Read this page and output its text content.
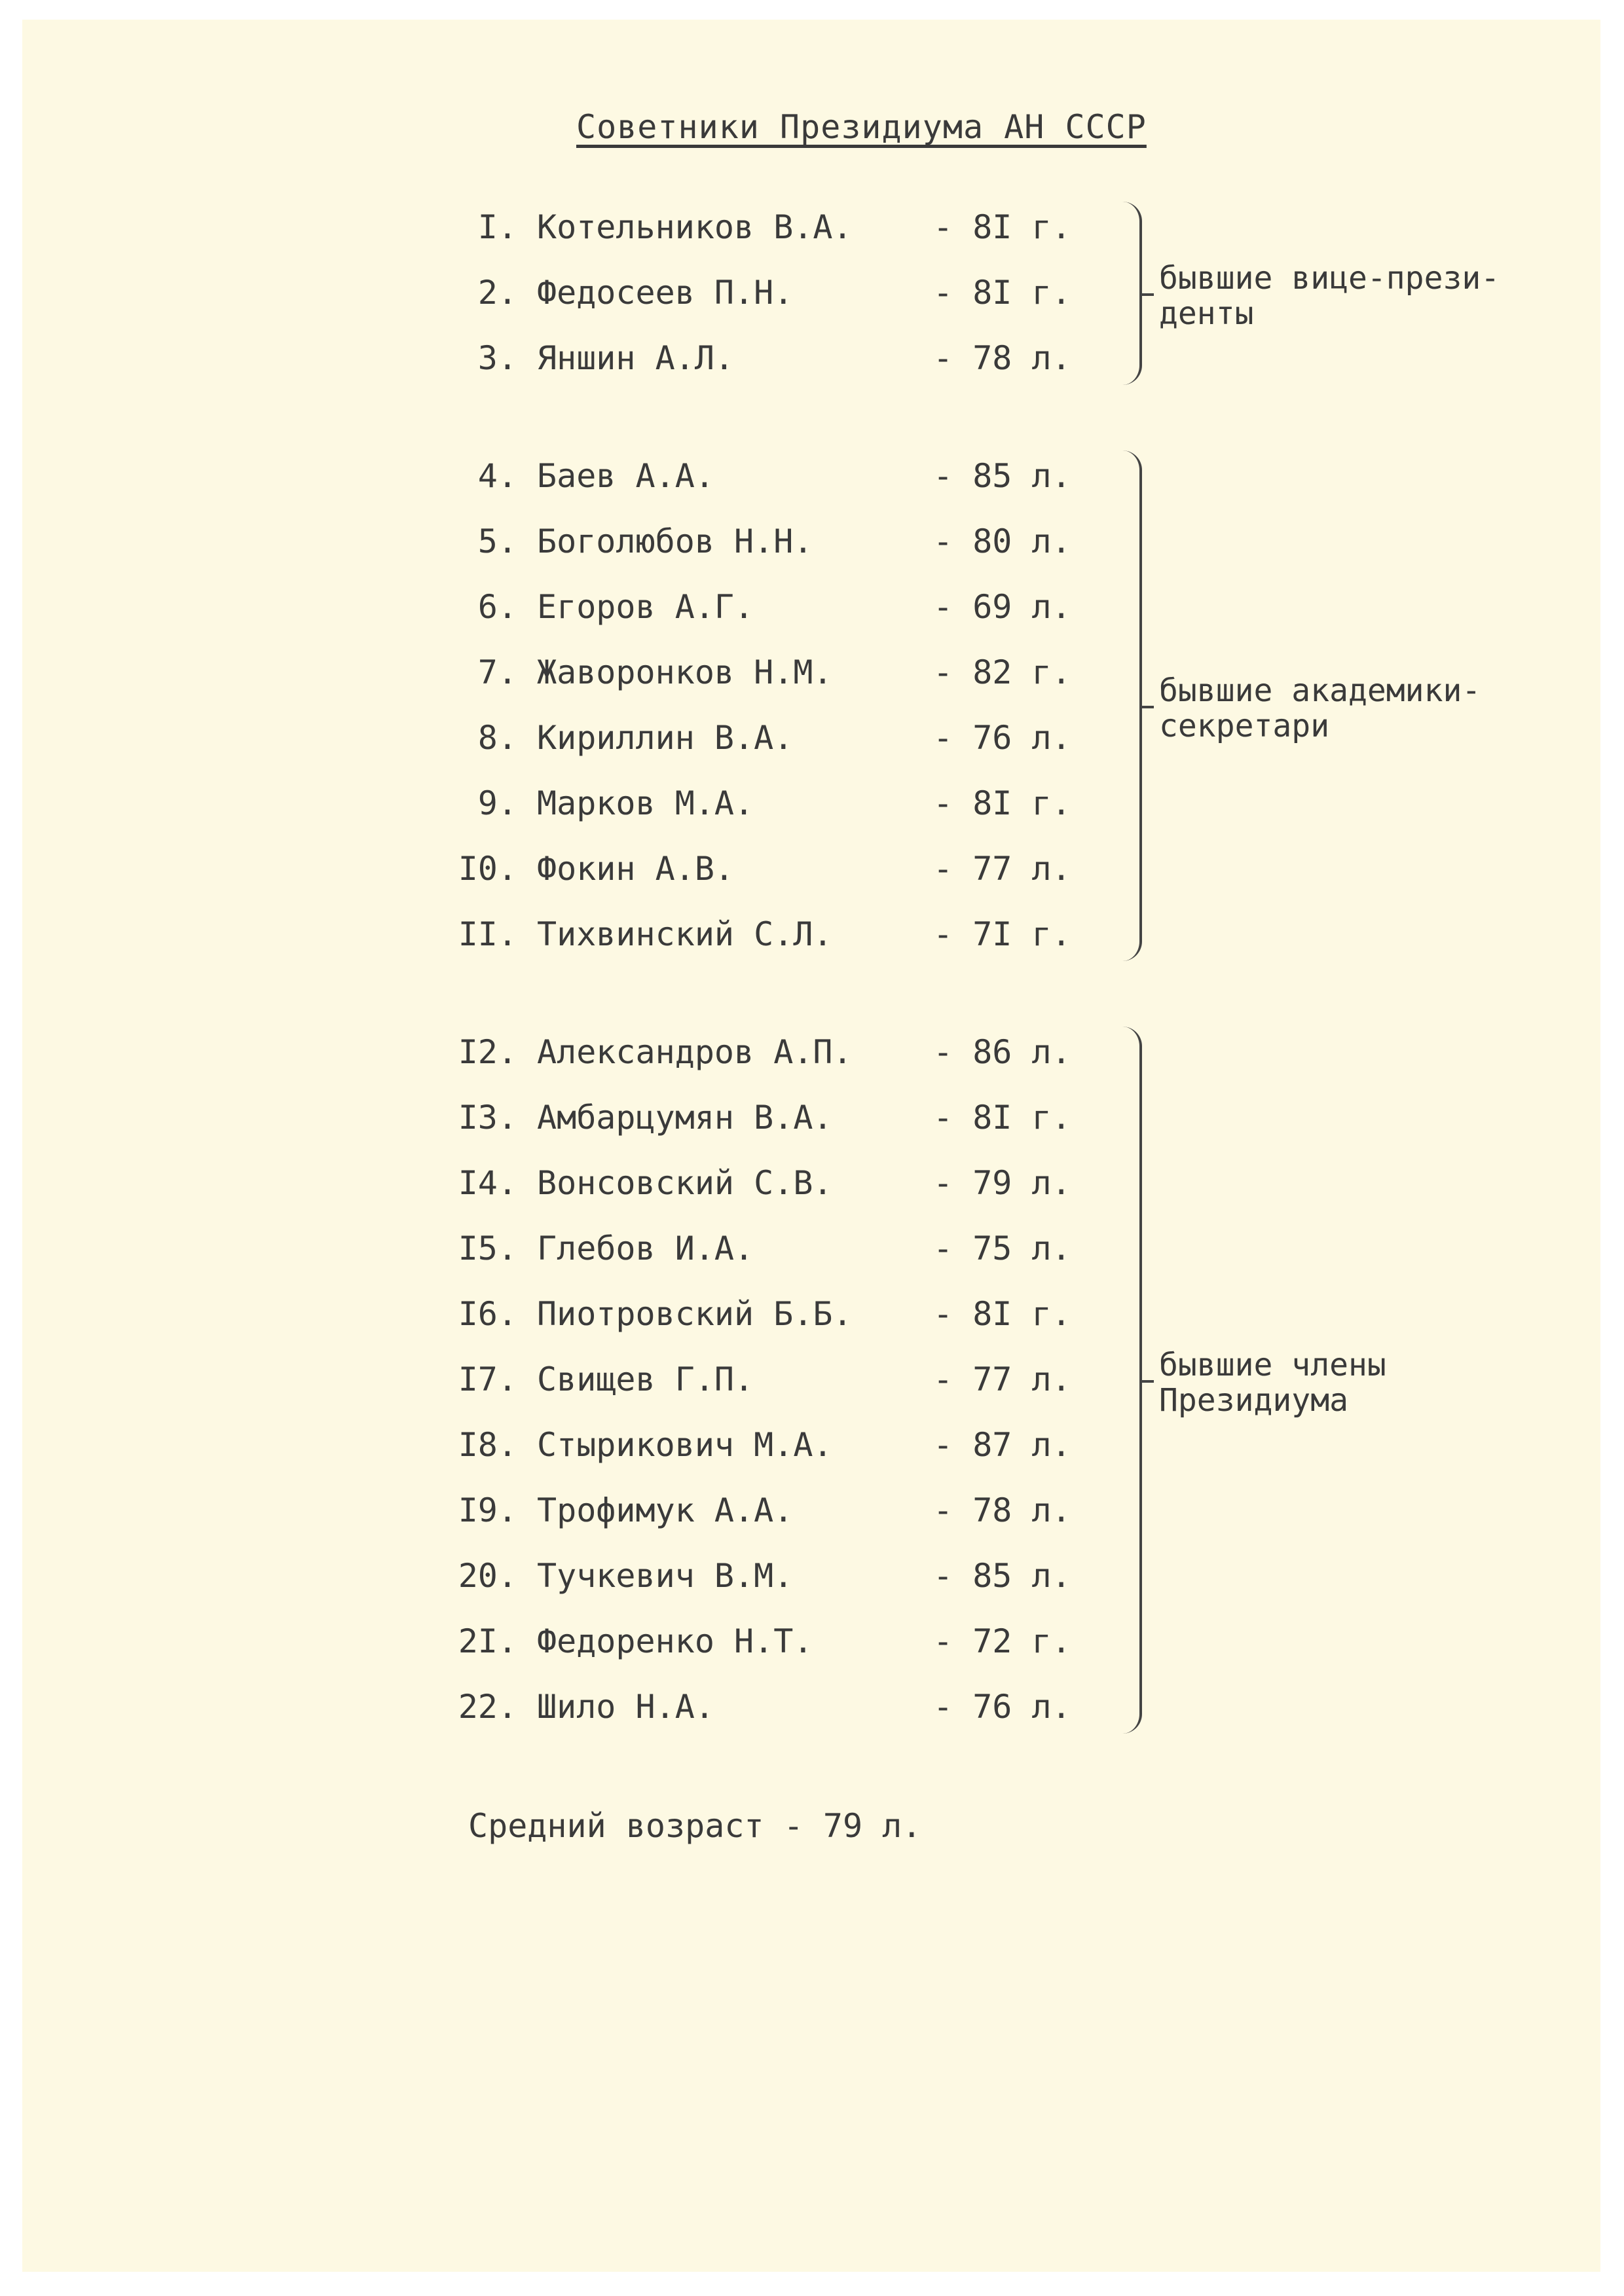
Советники Президиума АН СССР
I. Котельников В.А. - 8I г.
2. Федосеев П.Н.	- 8I г.
3. Яншин А.Л.	- 78 л.
бывшие вице-прези-
денты
4. Баев А.А.	- 85 л.
5. Боголюбов Н.Н.	- 80 л.
6. Егоров А.Г.	- 69 л.
7. Жаворонков Н.М.	- 82 г.
8. Кириллин В.А.	- 76 л.
9. Марков М.А.	- 8I г.
I0. Фокин А.В.	- 77 л.
II. Тихвинский С.Л.	- 7I г.
бывшие академики-
секретари
I2. Александров А.П. - 86 л.
I3. Амбарцумян В.А.	- 8I г.
I4. Вонсовский С.В.	- 79 л.
I5. Глебов И.А.	- 75 л.
I6. Пиотровский Б.Б. - 8I г.
I7. Свищев Г.П.	- 77 л.
I8. Стырикович М.А.	- 87 л.
I9. Трофимук А.А.	- 78 л.
20. Тучкевич В.М.	- 85 л.
2I. Федоренко Н.Т.	- 72 г.
22. Шило Н.А.	- 76 л.
бывшие члены
Президиума
Средний возраст - 79 л.
